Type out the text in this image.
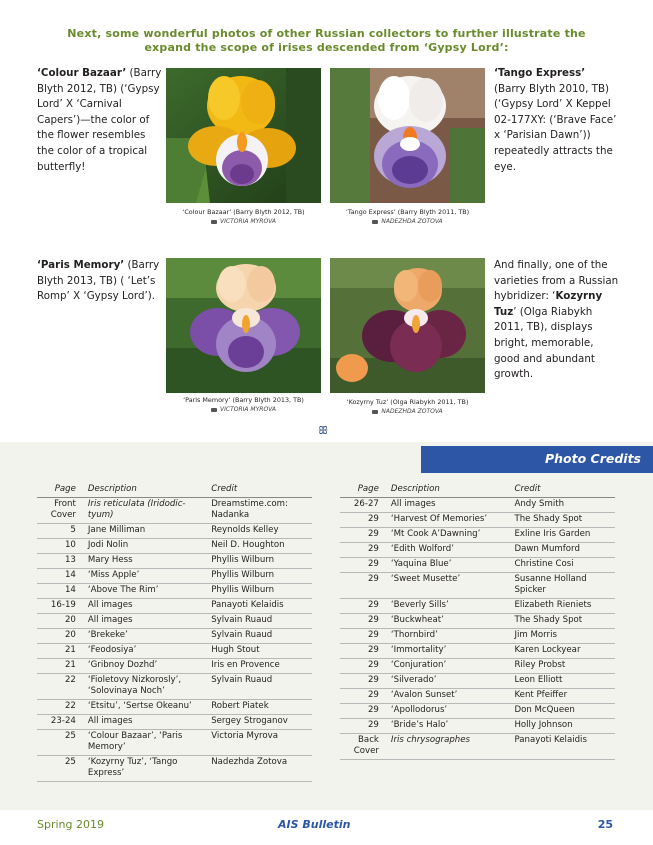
Next, some wonderful photos of other Russian collectors to further illustrate the expand the scope of irises descended from ‘Gypsy Lord’:
‘Colour Bazaar’ (Barry Blyth 2012, TB) (‘Gypsy Lord’ X ‘Carnival Capers’)—the color of the flower resembles the color of a tropical butterfly!
‘Tango Express’ (Barry Blyth 2010, TB) (‘Gypsy Lord’ X Keppel 02-177XY: (‘Brave Face’ x ‘Parisian Dawn’)) repeatedly attracts the eye.
‘Paris Memory’ (Barry Blyth 2013, TB) ( ‘Let’s Romp’ X ‘Gypsy Lord’).
And finally, one of the varieties from a Russian hybridizer: ‘Kozyrny Tuz’ (Olga Riabykh 2011, TB), displays bright, memorable, good and abundant growth.
‘Colour Bazaar’ (Barry Blyth 2012, TB)
VICTORIA MYROVA
‘Tango Express’ (Barry Blyth 2011, TB)
NADEZHDA ZOTOVA
‘Paris Memory’ (Barry Blyth 2013, TB)
VICTORIA MYROVA
‘Kozyrny Tuz’ (Olga Riabykh 2011, TB)
NADEZHDA ZOTOVA
ꕥ
Photo Credits
Page	Description	Credit
Front Cover	Iris reticulata (Iridodic-tyum)	Dreamstime.com: Nadanka
5	Jane Milliman	Reynolds Kelley
10	Jodi Nolin	Neil D. Houghton
13	Mary Hess	Phyllis Wilburn
14	‘Miss Apple’	Phyllis Wilburn
14	‘Above The Rim’	Phyllis Wilburn
16-19	All images	Panayoti Kelaidis
20	All images	Sylvain Ruaud
20	‘Brekeke’	Sylvain Ruaud
21	‘Feodosiya’	Hugh Stout
21	‘Gribnoy Dozhd’	Iris en Provence
22	‘Fioletovy Nizkorosly’, ‘Solovinaya Noch’	Sylvain Ruaud
22	‘Etsitu’, ‘Sertse Okeanu’	Robert Piatek
23-24	All images	Sergey Stroganov
25	‘Colour Bazaar’, ‘Paris Memory’	Victoria Myrova
25	‘Kozyrny Tuz’, ‘Tango Express’	Nadezhda Zotova
Page	Description	Credit
26-27	All images	Andy Smith
29	‘Harvest Of Memories’	The Shady Spot
29	‘Mt Cook A’Dawning’	Exline Iris Garden
29	‘Edith Wolford’	Dawn Mumford
29	‘Yaquina Blue’	Christine Cosi
29	‘Sweet Musette’	Susanne Holland Spicker
29	‘Beverly Sills’	Elizabeth Rieniets
29	‘Buckwheat’	The Shady Spot
29	‘Thornbird’	Jim Morris
29	‘Immortality’	Karen Lockyear
29	‘Conjuration’	Riley Probst
29	‘Silverado’	Leon Elliott
29	‘Avalon Sunset’	Kent Pfeiffer
29	‘Apollodorus’	Don McQueen
29	‘Bride’s Halo’	Holly Johnson
Back Cover	Iris chrysographes	Panayoti Kelaidis
Spring 2019	AIS Bulletin	25
